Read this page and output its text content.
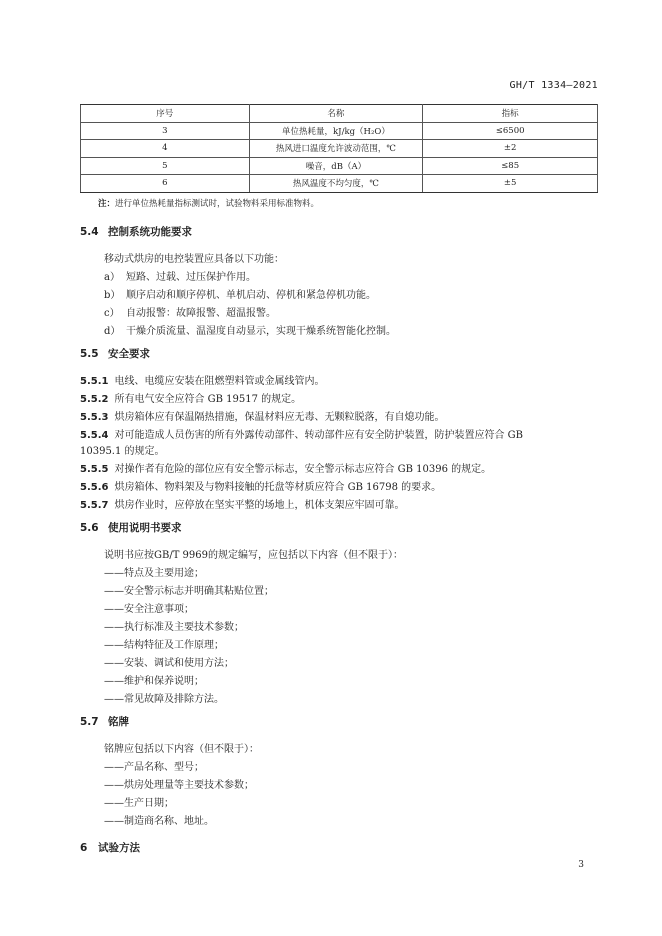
GH/T 1334—2021
序号	名称	指标
3	单位热耗量，kJ/kg（H₂O）	≤6500
4	热风进口温度允许波动范围，℃	±2
5	噪音，dB（A）	≤85
6	热风温度不均匀度，℃	±5
注：进行单位热耗量指标测试时，试验物料采用标准物料。
5.4 控制系统功能要求
移动式烘房的电控装置应具备以下功能：
a） 短路、过载、过压保护作用。
b） 顺序启动和顺序停机、单机启动、停机和紧急停机功能。
c） 自动报警：故障报警、超温报警。
d） 干燥介质流量、温湿度自动显示，实现干燥系统智能化控制。
5.5 安全要求
5.5.1 电线、电缆应安装在阻燃塑料管或金属线管内。
5.5.2 所有电气安全应符合 GB 19517 的规定。
5.5.3 烘房箱体应有保温隔热措施，保温材料应无毒、无颗粒脱落，有自熄功能。
5.5.4 对可能造成人员伤害的所有外露传动部件、转动部件应有安全防护装置，防护装置应符合 GB
10395.1 的规定。
5.5.5 对操作者有危险的部位应有安全警示标志，安全警示标志应符合 GB 10396 的规定。
5.5.6 烘房箱体、物料架及与物料接触的托盘等材质应符合 GB 16798 的要求。
5.5.7 烘房作业时，应停放在坚实平整的场地上，机体支架应牢固可靠。
5.6 使用说明书要求
说明书应按GB/T 9969的规定编写，应包括以下内容（但不限于）：
——特点及主要用途；
——安全警示标志并明确其粘贴位置；
——安全注意事项；
——执行标准及主要技术参数；
——结构特征及工作原理；
——安装、调试和使用方法；
——维护和保养说明；
——常见故障及排除方法。
5.7 铭牌
铭牌应包括以下内容（但不限于）：
——产品名称、型号；
——烘房处理量等主要技术参数；
——生产日期；
——制造商名称、地址。
6 试验方法
3
